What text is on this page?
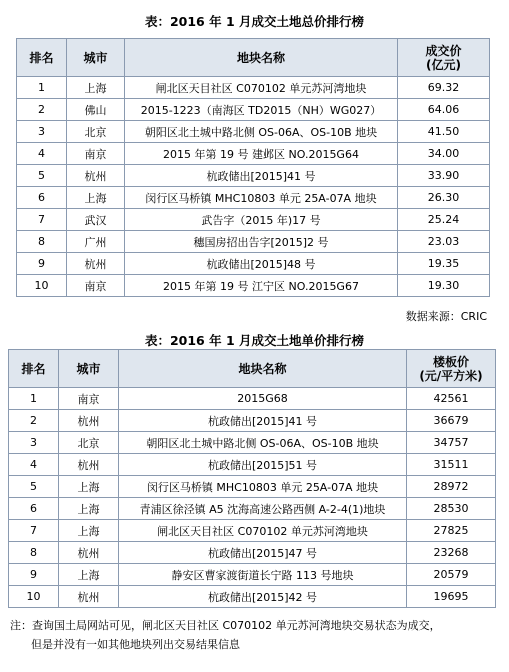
表：2016 年 1 月成交土地总价排行榜
排名	城市	地块名称	成交价
(亿元)
1	上海	闸北区天目社区 C070102 单元苏河湾地块	69.32
2	佛山	2015-1223（南海区 TD2015（NH）WG027）	64.06
3	北京	朝阳区北土城中路北侧 OS-06A、OS-10B 地块	41.50
4	南京	2015 年第 19 号 建邺区 NO.2015G64	34.00
5	杭州	杭政储出[2015]41 号	33.90
6	上海	闵行区马桥镇 MHC10803 单元 25A-07A 地块	26.30
7	武汉	武告字（2015 年)17 号	25.24
8	广州	穗国房招出告字[2015]2 号	23.03
9	杭州	杭政储出[2015]48 号	19.35
10	南京	2015 年第 19 号 江宁区 NO.2015G67	19.30
数据来源：CRIC
表：2016 年 1 月成交土地单价排行榜
排名	城市	地块名称	楼板价
(元/平方米)
1	南京	2015G68	42561
2	杭州	杭政储出[2015]41 号	36679
3	北京	朝阳区北土城中路北侧 OS-06A、OS-10B 地块	34757
4	杭州	杭政储出[2015]51 号	31511
5	上海	闵行区马桥镇 MHC10803 单元 25A-07A 地块	28972
6	上海	青浦区徐泾镇 A5 沈海高速公路西侧 A-2-4(1)地块	28530
7	上海	闸北区天目社区 C070102 单元苏河湾地块	27825
8	杭州	杭政储出[2015]47 号	23268
9	上海	静安区曹家渡街道长宁路 113 号地块	20579
10	杭州	杭政储出[2015]42 号	19695
注：查询国土局网站可见，闸北区天目社区 C070102 单元苏河湾地块交易状态为成交，
但是并没有一如其他地块列出交易结果信息
